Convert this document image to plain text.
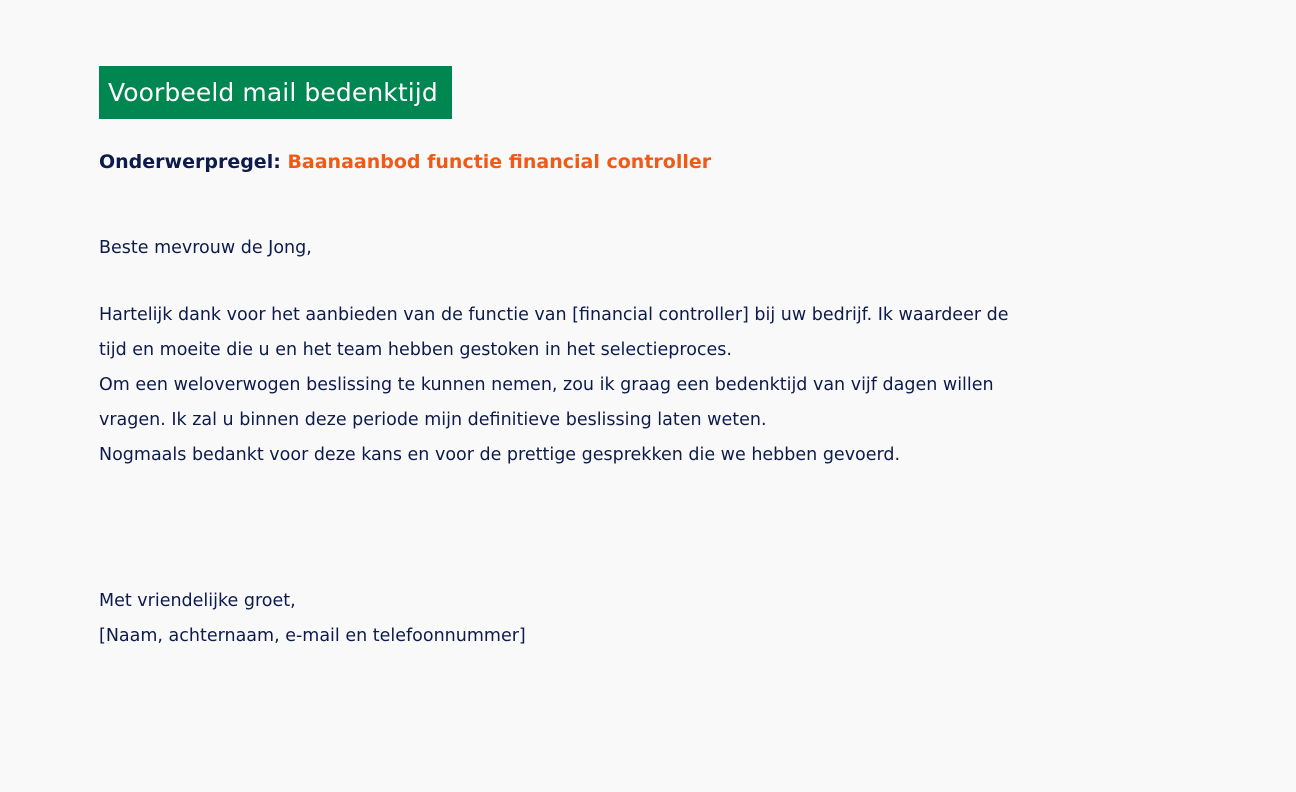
Voorbeeld mail bedenktijd
Onderwerpregel: Baanaanbod functie financial controller
Beste mevrouw de Jong,
Hartelijk dank voor het aanbieden van de functie van [financial controller] bij uw bedrijf. Ik waardeer de
tijd en moeite die u en het team hebben gestoken in het selectieproces.
Om een weloverwogen beslissing te kunnen nemen, zou ik graag een bedenktijd van vijf dagen willen
vragen. Ik zal u binnen deze periode mijn definitieve beslissing laten weten.
Nogmaals bedankt voor deze kans en voor de prettige gesprekken die we hebben gevoerd.
Met vriendelijke groet,
[Naam, achternaam, e-mail en telefoonnummer]
